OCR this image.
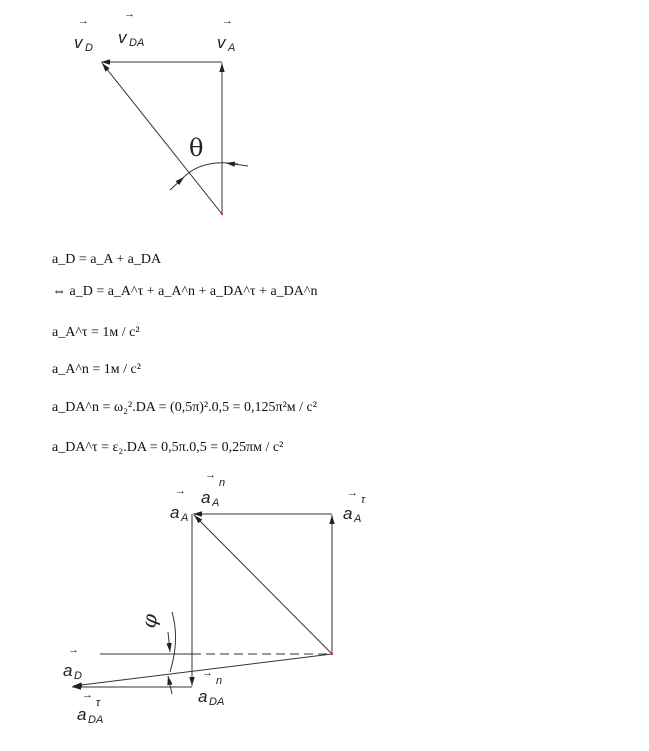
→
v D
→
v DA
→
v A
θ
→
a A
→
n
a A
→
τ
a A
→
a D
→
τ
a DA
→
n
a DA
φ
a_D = a_A + a_DA
⇔ a_D = a_A^τ + a_A^n + a_DA^τ + a_DA^n
a_A^τ = 1м / c²
a_A^n = 1м / c²
a_DA^n = ω₂².DA = (0,5π)².0,5 = 0,125π²м / c²
a_DA^τ = ε₂.DA = 0,5π.0,5 = 0,25πм / c²
